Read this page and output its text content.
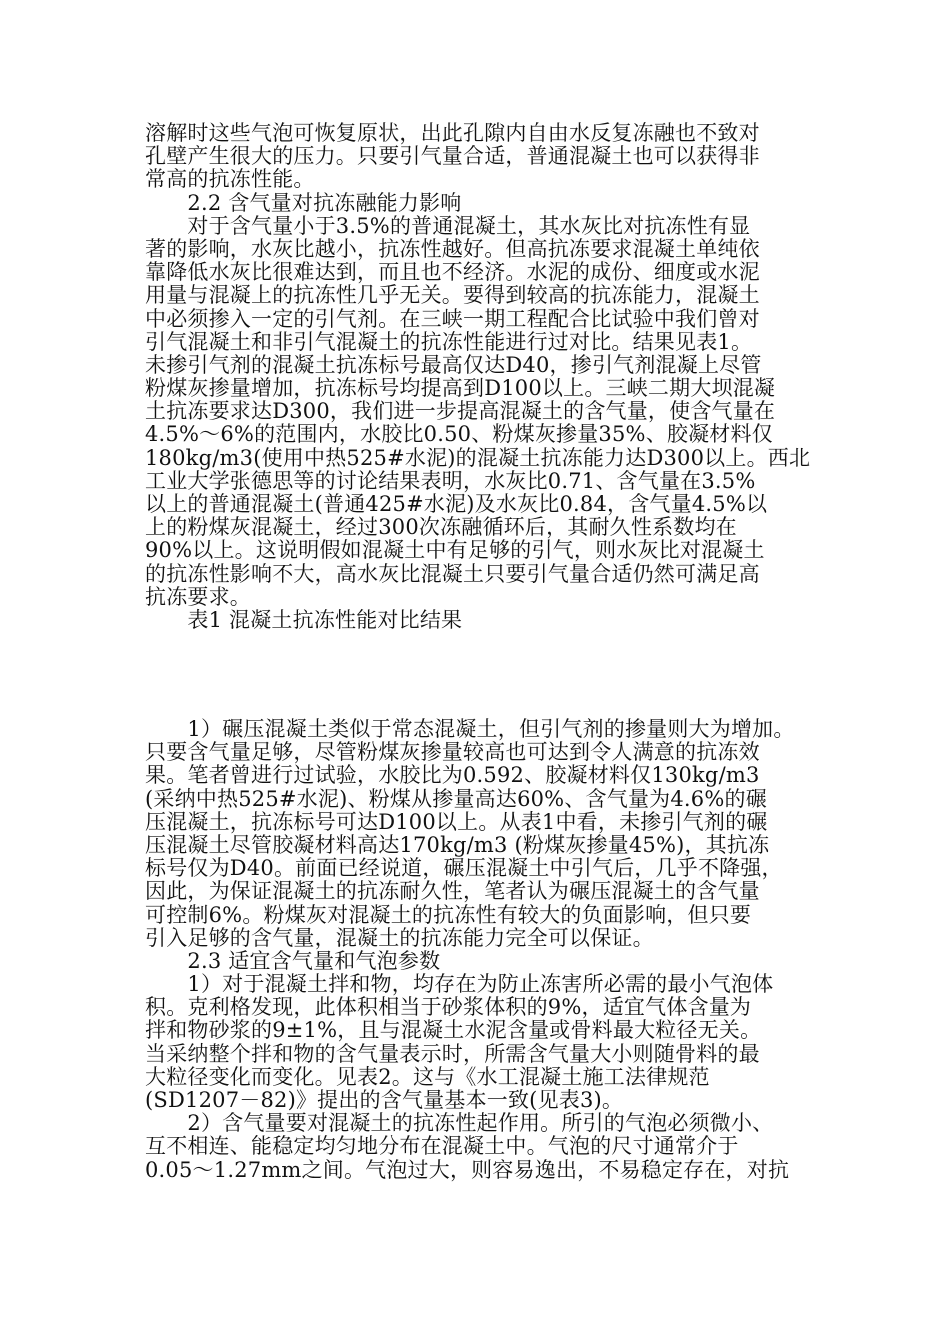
溶解时这些气泡可恢复原状，出此孔隙内自由水反复冻融也不致对
孔壁产生很大的压力。只要引气量合适，普通混凝土也可以获得非
常高的抗冻性能。
　　2.2 含气量对抗冻融能力影响
　　对于含气量小于3.5%的普通混凝土，其水灰比对抗冻性有显
著的影响，水灰比越小，抗冻性越好。但高抗冻要求混凝土单纯依
靠降低水灰比很难达到，而且也不经济。水泥的成份、细度或水泥
用量与混凝上的抗冻性几乎无关。要得到较高的抗冻能力，混凝土
中必须掺入一定的引气剂。在三峡一期工程配合比试验中我们曾对
引气混凝土和非引气混凝土的抗冻性能进行过对比。结果见表1。
未掺引气剂的混凝土抗冻标号最高仅达D40，掺引气剂混凝上尽管
粉煤灰掺量增加，抗冻标号均提高到D100以上。三峡二期大坝混凝
土抗冻要求达D300，我们进一步提高混凝土的含气量，使含气量在
4.5%～6%的范围内，水胶比0.50、粉煤灰掺量35%、胶凝材料仅
180kg/m3(使用中热525#水泥)的混凝土抗冻能力达D300以上。西北
工业大学张德思等的讨论结果表明，水灰比0.71、含气量在3.5%
以上的普通混凝土(普通425#水泥)及水灰比0.84，含气量4.5%以
上的粉煤灰混凝土，经过300次冻融循环后，其耐久性系数均在
90%以上。这说明假如混凝土中有足够的引气，则水灰比对混凝土
的抗冻性影响不大，高水灰比混凝土只要引气量合适仍然可满足高
抗冻要求。
　　表1 混凝土抗冻性能对比结果
　　1）碾压混凝土类似于常态混凝土，但引气剂的掺量则大为增加。
只要含气量足够，尽管粉煤灰掺量较高也可达到令人满意的抗冻效
果。笔者曾进行过试验，水胶比为0.592、胶凝材料仅130kg/m3
(采纳中热525#水泥)、粉煤从掺量高达60%、含气量为4.6%的碾
压混凝土，抗冻标号可达D100以上。从表1中看，未掺引气剂的碾
压混凝土尽管胶凝材料高达170kg/m3 (粉煤灰掺量45%)，其抗冻
标号仅为D40。前面已经说道，碾压混凝土中引气后，几乎不降强，
因此，为保证混凝土的抗冻耐久性，笔者认为碾压混凝土的含气量
可控制6%。粉煤灰对混凝土的抗冻性有较大的负面影响，但只要
引入足够的含气量，混凝土的抗冻能力完全可以保证。
　　2.3 适宜含气量和气泡参数
　　1）对于混凝土拌和物，均存在为防止冻害所必需的最小气泡体
积。克利格发现，此体积相当于砂浆体积的9%，适宜气体含量为
拌和物砂浆的9±1%，且与混凝土水泥含量或骨料最大粒径无关。
当采纳整个拌和物的含气量表示时，所需含气量大小则随骨料的最
大粒径变化而变化。见表2。这与《水工混凝土施工法律规范
(SD1207－82)》提出的含气量基本一致(见表3)。
　　2）含气量要对混凝土的抗冻性起作用。所引的气泡必须微小、
互不相连、能稳定均匀地分布在混凝土中。气泡的尺寸通常介于
0.05～1.27mm之间。气泡过大，则容易逸出，不易稳定存在，对抗
